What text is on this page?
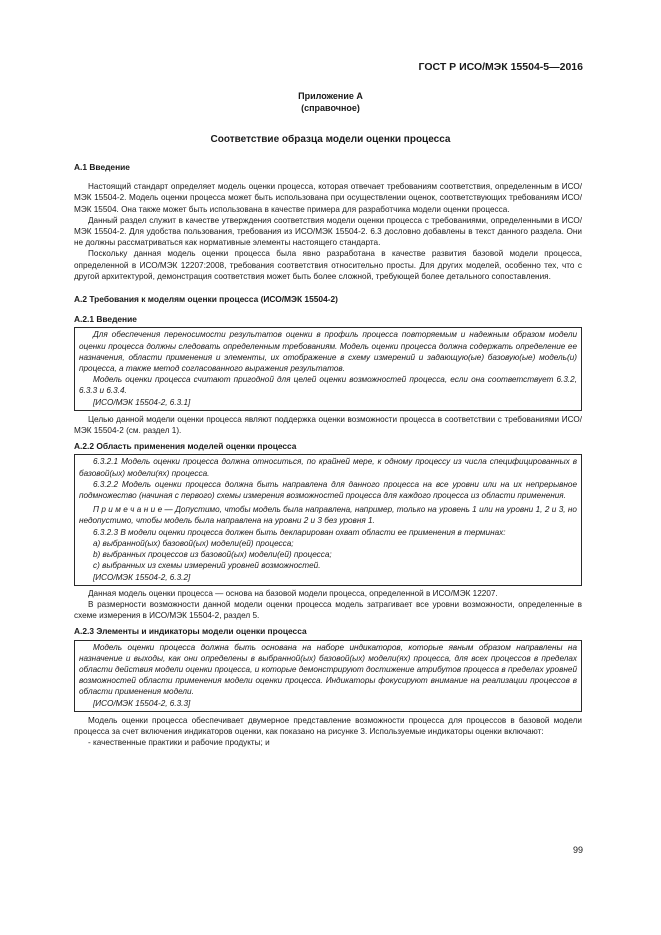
ГОСТ Р ИСО/МЭК 15504-5—2016
Приложение А
(справочное)
Соответствие образца модели оценки процесса
А.1 Введение

Настоящий стандарт определяет модель оценки процесса, которая отвечает требованиям соответствия, определенным в ИСО/МЭК 15504-2. Модель оценки процесса может быть использована при осуществлении оценок, соответствующих требованиям ИСО/МЭК 15504. Она также может быть использована в качестве примера для разработчика модели оценки процесса.

Данный раздел служит в качестве утверждения соответствия модели оценки процесса с требованиями, определенными в ИСО/МЭК 15504-2. Для удобства пользования, требования из ИСО/МЭК 15504-2. 6.3 дословно добавлены в текст данного раздела. Они не должны рассматриваться как нормативные элементы настоящего стандарта.

Поскольку данная модель оценки процесса была явно разработана в качестве развития базовой модели процесса, определенной в ИСО/МЭК 12207:2008, требования соответствия относительно просты. Для других моделей, особенно тех, что с другой архитектурой, демонстрация соответствия может быть более сложной, требующей более детального сопоставления.

А.2 Требования к моделям оценки процесса (ИСО/МЭК 15504-2)
А.2.1 Введение

Для обеспечения переносимости результатов оценки в профиль процесса повторяемым и надежным образом модели оценки процесса должны следовать определенным требованиям. Модель оценки процесса должна содержать определение ее назначения, области применения и элементы, их отображение в схему измерений и задающую(ые) базовую(ые) модель(и) процесса, а также метод согласованного выражения результатов.

Модель оценки процесса считают пригодной для целей оценки возможностей процесса, если она соответствует 6.3.2, 6.3.3 и 6.3.4.

[ИСО/МЭК 15504-2, 6.3.1]

Целью данной модели оценки процесса являют поддержка оценки возможности процесса в соответствии с требованиями ИСО/МЭК 15504-2 (см. раздел 1).

А.2.2 Область применения моделей оценки процесса

6.3.2.1 Модель оценки процесса должна относиться, по крайней мере, к одному процессу из числа специфицированных в базовой(ых) модели(ях) процесса.

6.3.2.2 Модель оценки процесса должна быть направлена для данного процесса на все уровни или на их непрерывное подмножество (начиная с первого) схемы измерения возможностей процесса для каждого процесса из области применения.

П р и м е ч а н и е — Допустимо, чтобы модель была направлена, например, только на уровень 1 или на уровни 1, 2 и 3, но недопустимо, чтобы модель была направлена на уровни 2 и 3 без уровня 1.

6.3.2.3 В модели оценки процесса должен быть декларирован охват области ее применения в терминах:

a) выбранной(ых) базовой(ых) модели(ей) процесса;

b) выбранных процессов из базовой(ых) модели(ей) процесса;

c) выбранных из схемы измерений уровней возможностей.

[ИСО/МЭК 15504-2, 6.3.2]

Данная модель оценки процесса — основа на базовой модели процесса, определенной в ИСО/МЭК 12207.

В размерности возможности данной модели оценки процесса модель затрагивает все уровни возможности, определенные в схеме измерения в ИСО/МЭК 15504-2, раздел 5.

А.2.3 Элементы и индикаторы модели оценки процесса

Модель оценки процесса должна быть основана на наборе индикаторов, которые явным образом направлены на назначение и выходы, как они определены в выбранной(ых) базовой(ых) модели(ях) процесса, для всех процессов в пределах области действия модели оценки процесса, и которые демонстрируют достижение атрибутов процесса в пределах уровней возможностей области применения модели оценки процесса. Индикаторы фокусируют внимание на реализации процессов в области применения модели.

[ИСО/МЭК 15504-2, 6.3.3]

Модель оценки процесса обеспечивает двумерное представление возможности процесса для процессов в базовой модели процесса за счет включения индикаторов оценки, как показано на рисунке 3. Используемые индикаторы оценки включают:

- качественные практики и рабочие продукты; и

99
